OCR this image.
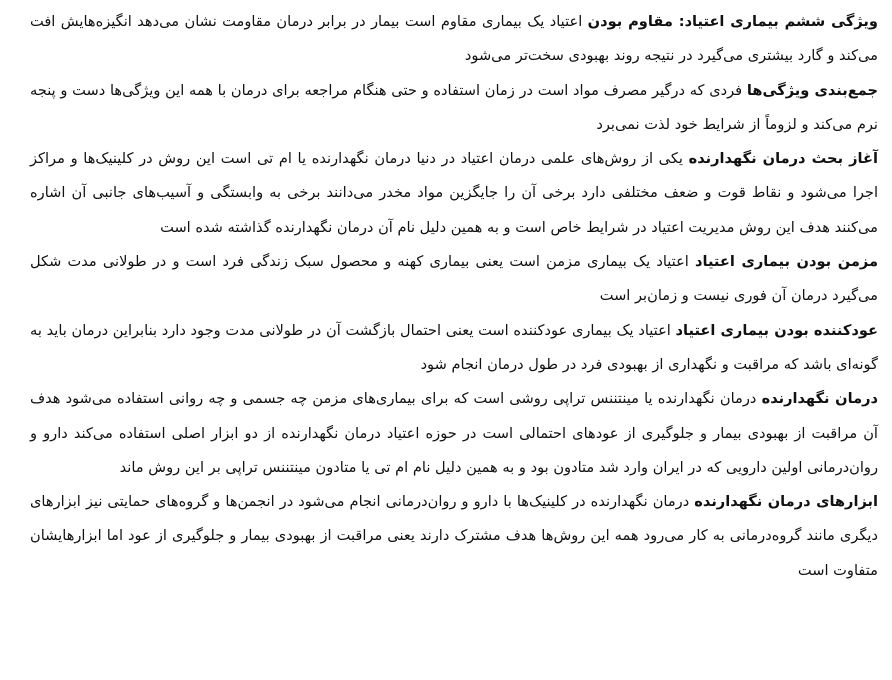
ویژگی ششم بیماری اعتیاد: مقاوم بودن اعتیاد یک بیماری مقاوم است بیمار در برابر درمان مقاومت نشان می‌دهد انگیزه‌هایش افت می‌کند و گارد بیشتری می‌گیرد در نتیجه روند بهبودی سخت‌تر می‌شود

جمع‌بندی ویژگی‌ها فردی که درگیر مصرف مواد است در زمان استفاده و حتی هنگام مراجعه برای درمان با همه این ویژگی‌ها دست و پنجه نرم می‌کند و لزوماً از شرایط خود لذت نمی‌برد

آغاز بحث درمان نگهدارنده یکی از روش‌های علمی درمان اعتیاد در دنیا درمان نگهدارنده یا ام تی است این روش در کلینیک‌ها و مراکز اجرا می‌شود و نقاط قوت و ضعف مختلفی دارد برخی آن را جایگزین مواد مخدر می‌دانند برخی به وابستگی و آسیب‌های جانبی آن اشاره می‌کنند هدف این روش مدیریت اعتیاد در شرایط خاص است و به همین دلیل نام آن درمان نگهدارنده گذاشته شده است

مزمن بودن بیماری اعتیاد اعتیاد یک بیماری مزمن است یعنی بیماری کهنه و محصول سبک زندگی فرد است و در طولانی مدت شکل می‌گیرد درمان آن فوری نیست و زمان‌بر است

عودکننده بودن بیماری اعتیاد اعتیاد یک بیماری عودکننده است یعنی احتمال بازگشت آن در طولانی مدت وجود دارد بنابراین درمان باید به گونه‌ای باشد که مراقبت و نگهداری از بهبودی فرد در طول درمان انجام شود

درمان نگهدارنده درمان نگهدارنده یا مینتننس تراپی روشی است که برای بیماری‌های مزمن چه جسمی و چه روانی استفاده می‌شود هدف آن مراقبت از بهبودی بیمار و جلوگیری از عودهای احتمالی است در حوزه اعتیاد درمان نگهدارنده از دو ابزار اصلی استفاده می‌کند دارو و روان‌درمانی اولین دارویی که در ایران وارد شد متادون بود و به همین دلیل نام ام تی یا متادون مینتننس تراپی بر این روش ماند

ابزارهای درمان نگهدارنده درمان نگهدارنده در کلینیک‌ها با دارو و روان‌درمانی انجام می‌شود در انجمن‌ها و گروه‌های حمایتی نیز ابزارهای دیگری مانند گروه‌درمانی به کار می‌رود همه این روش‌ها هدف مشترک دارند یعنی مراقبت از بهبودی بیمار و جلوگیری از عود اما ابزارهایشان متفاوت است
